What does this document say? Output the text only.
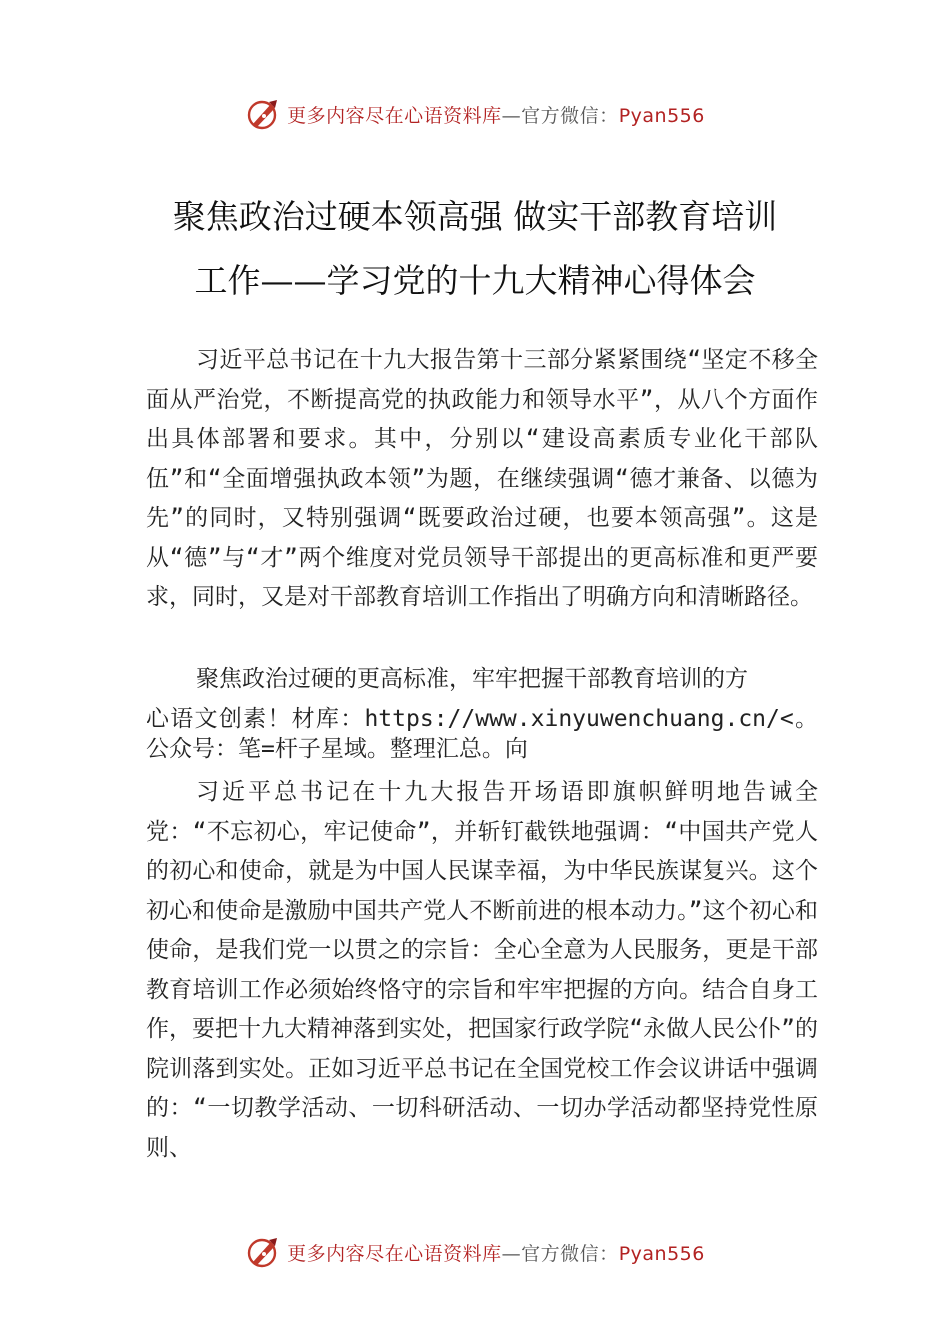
更多内容尽在心语资料库—官方微信：Pyan556
聚焦政治过硬本领高强 做实干部教育培训
工作——学习党的十九大精神心得体会

习近平总书记在十九大报告第十三部分紧紧围绕“坚定不移全面从严治党，不断提高党的执政能力和领导水平”，从八个方面作出具体部署和要求。其中，分别以“建设高素质专业化干部队伍”和“全面增强执政本领”为题，在继续强调“德才兼备、以德为先”的同时，又特别强调“既要政治过硬，也要本领高强”。这是从“德”与“才”两个维度对党员领导干部提出的更高标准和更严要求，同时，又是对干部教育培训工作指出了明确方向和清晰路径。

聚焦政治过硬的更高标准，牢牢把握干部教育培训的方

心语文创素！材库：https://www.xinyuwenchuang.cn/<。公众号：笔=杆子星域。整理汇总。向

习近平总书记在十九大报告开场语即旗帜鲜明地告诫全党：“不忘初心，牢记使命”，并斩钉截铁地强调：“中国共产党人的初心和使命，就是为中国人民谋幸福，为中华民族谋复兴。这个初心和使命是激励中国共产党人不断前进的根本动力。”这个初心和使命，是我们党一以贯之的宗旨：全心全意为人民服务，更是干部教育培训工作必须始终恪守的宗旨和牢牢把握的方向。结合自身工作，要把十九大精神落到实处，把国家行政学院“永做人民公仆”的院训落到实处。正如习近平总书记在全国党校工作会议讲话中强调的：“一切教学活动、一切科研活动、一切办学活动都坚持党性原则、

更多内容尽在心语资料库—官方微信：Pyan556
